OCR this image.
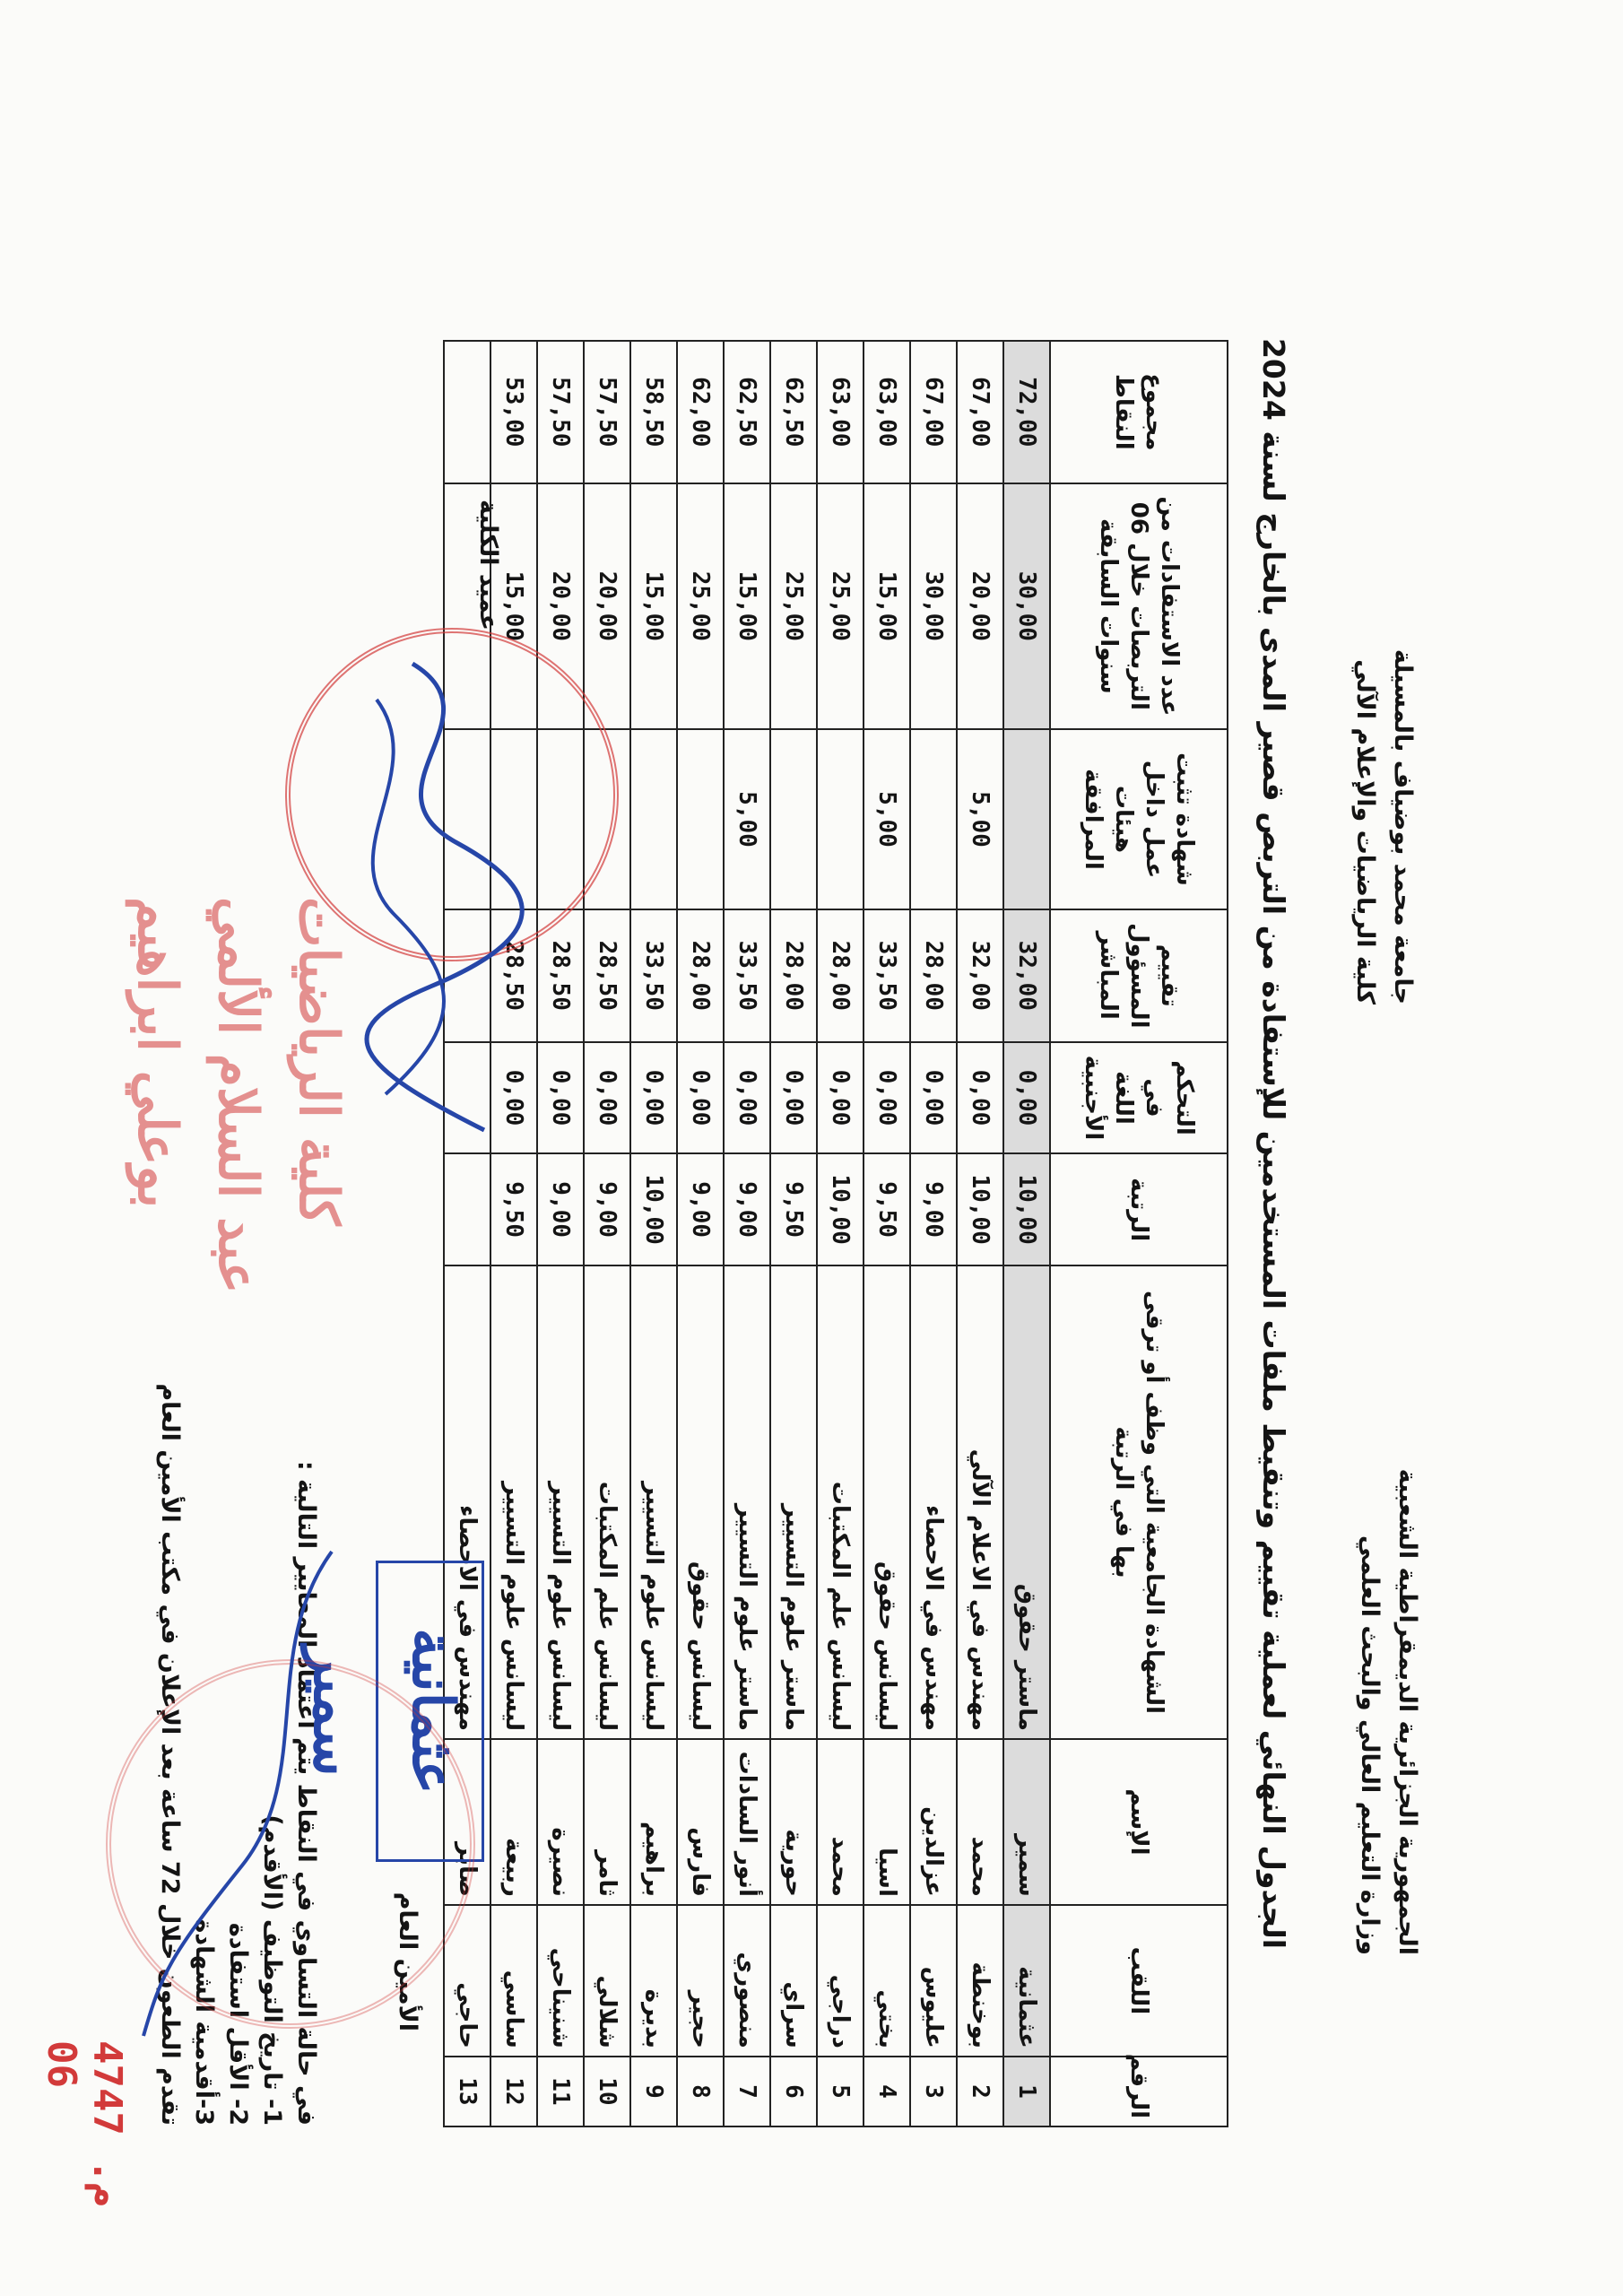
4747 .م 06
الجمهورية الجزائرية الديمقراطية الشعبية
وزارة التعليم العالي والبحث العلمي
جامعة محمد بوضياف بالمسيلة
كلية الرياضيات والإعلام الآلي
الجدول النهائي لعملية تقييم وتنقيط ملفات المستخدمين للإستفادة من التربص قصير المدى بالخارج لسنة 2024
الرقم	اللقب	الإسم	الشهادة الجامعية التي وظف أو ترقى بها في الرتبة	الرتبة	التحكم في اللغة الأجنبية	تقييم المسؤول المباشر	شهادة تثبت عمل داخل هيئات المرافقة	عدد الاستفادات من التربصات خلال 06 سنوات السابقة	مجموع النقاط
1	عثمانية	سمير	ماستر حقوق	10,00	0,00	32,00		30,00	72,00
2	بوخنطة	محمد	مهندس في الاعلام الآلي	10,00	0,00	32,00	5,00	20,00	67,00
3	عليوس	عزالدين	مهندس في الاحصاء	9,00	0,00	28,00		30,00	67,00
4	بختي	اسيا	ليسانس حقوق	9,50	0,00	33,50	5,00	15,00	63,00
5	دراجي	محمد	ليسانس علم المكتبات	10,00	0,00	28,00		25,00	63,00
6	سراي	حورية	ماستر علوم التسيير	9,50	0,00	28,00		25,00	62,50
7	منصوري	أنور السادات	ماستر علوم التسيير	9,00	0,00	33,50	5,00	15,00	62,50
8	حجير	فارس	ليسانس حقوق	9,00	0,00	28,00		25,00	62,00
9	بديرة	براهيم	ليسانس علوم التسيير	10,00	0,00	33,50		15,00	58,50
10	شلالي	ثامر	ليسانس علم المكتبات	9,00	0,00	28,50		20,00	57,50
11	شنيناحي	نصيرة	ليسانس علوم التسيير	9,00	0,00	28,50		20,00	57,50
12	ساسي	ربيعة	ليسانس علوم التسيير	9,50	0,00	28,50		15,00	53,00
13	حاجي	صابر	مهندس في الاحصاء						
عميد الكلية
الأمين العام
في حالة التساوي في النقاط يتم اعتماد المعايير التالية :
1- تاريخ التوظيف (الأقدم)
2- الأقل استفادة
3-أقدمية الشهادة
تقدم الطعون خلال 72 ساعة بعد الإعلان في مكتب الأمين العام
عثمانية سمير
كلية الرياضيات
عبد السلام الألمي
بوعلي ابراهيم
